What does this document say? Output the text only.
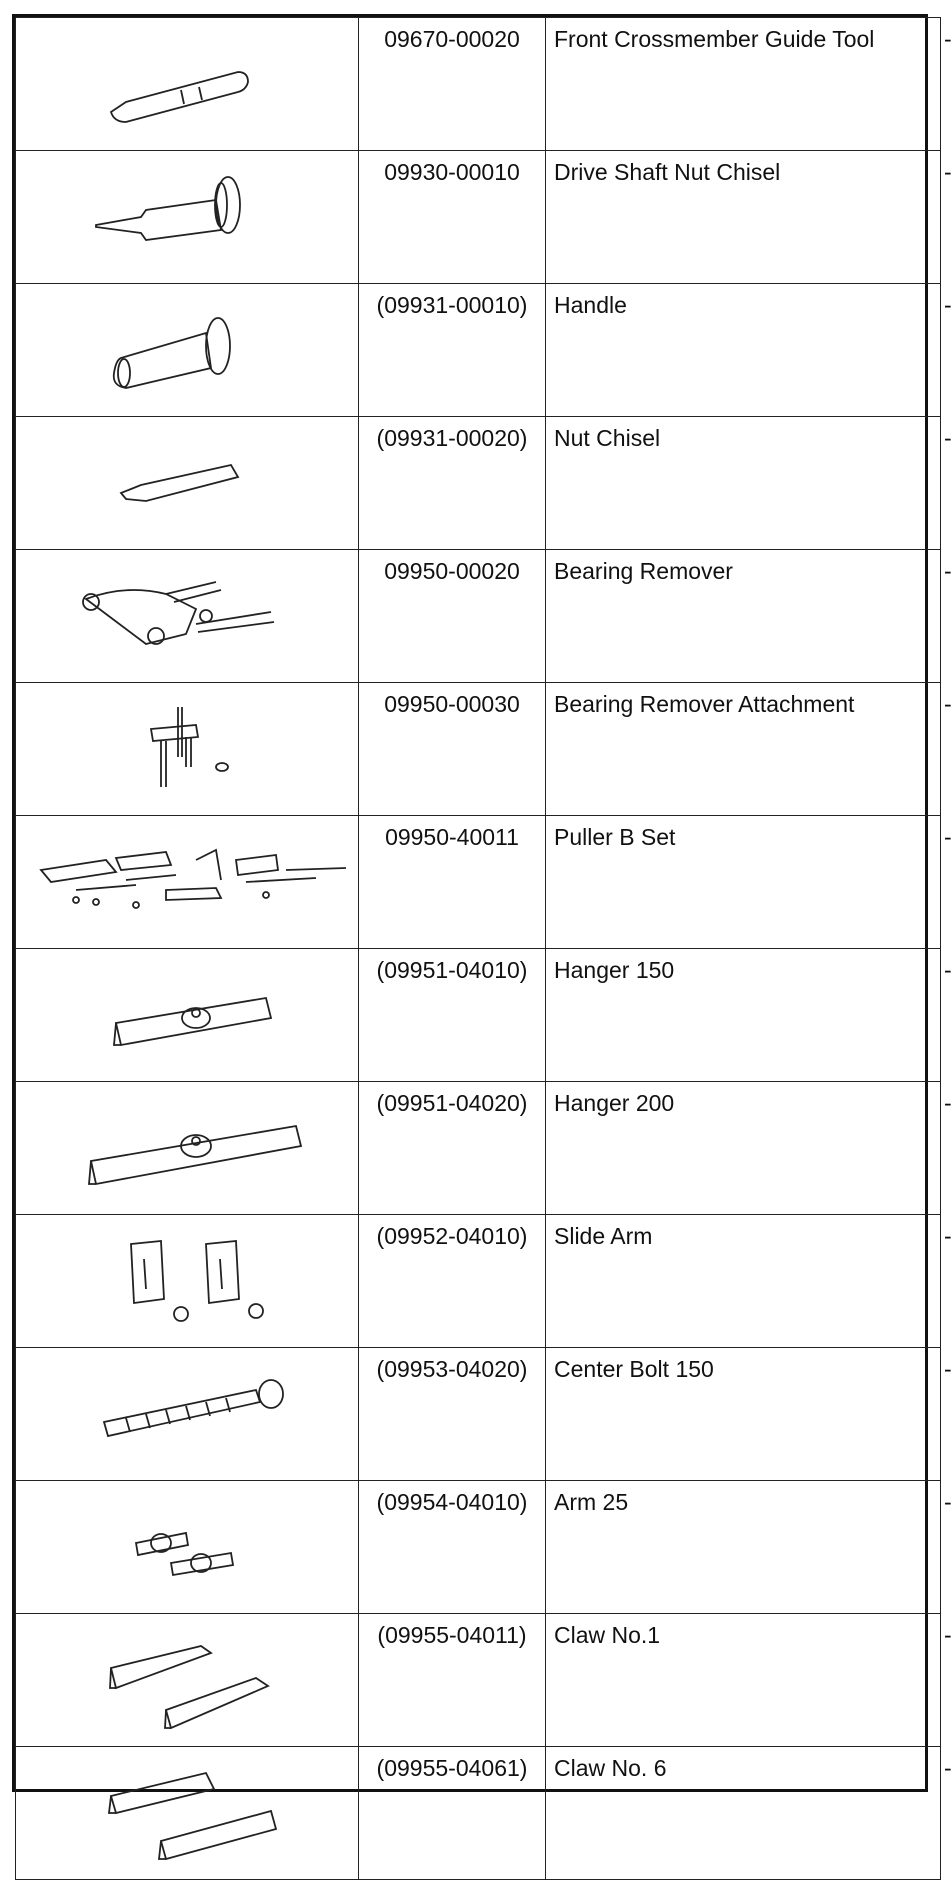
	09670-00020	Front Crossmember Guide Tool	-

	09930-00010	Drive Shaft Nut Chisel	-

	(09931-00010)	Handle	-

	(09931-00020)	Nut Chisel	-

	09950-00020	Bearing Remover	-

	09950-00030	Bearing Remover Attachment	-

	09950-40011	Puller B Set	-

	(09951-04010)	Hanger 150	-

	(09951-04020)	Hanger 200	-

	(09952-04010)	Slide Arm	-

	(09953-04020)	Center Bolt 150	-

	(09954-04010)	Arm 25	-

	(09955-04011)	Claw No.1	-

	(09955-04061)	Claw No. 6	-
